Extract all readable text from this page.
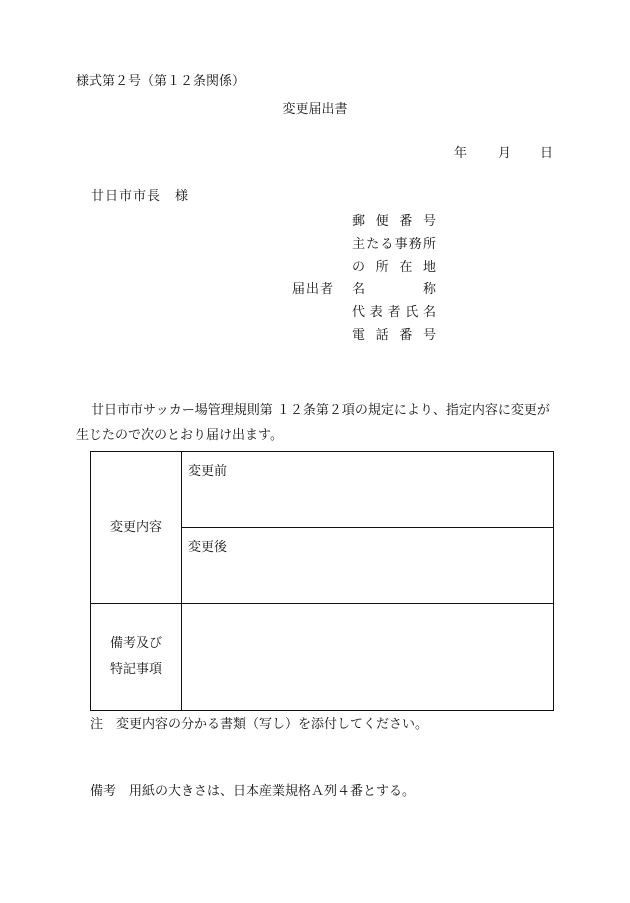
様式第２号（第１２条関係）
変更届出書
年 月 日
廿日市市長　様
届出者
郵 便 番 号
主 た る 事 務 所
の 所 在 地
名	称
代 表 者 氏 名
電 話 番 号
廿日市市サッカー場管理規則第 １２条第２項の規定により、指定内容に変更が生じたので次のとおり届け出ます。
変更内容	変更前
	変更後

備考及び
特記事項	

注　変更内容の分かる書類（写し）を添付してください。
備考　用紙の大きさは、日本産業規格Ａ列４番とする。
